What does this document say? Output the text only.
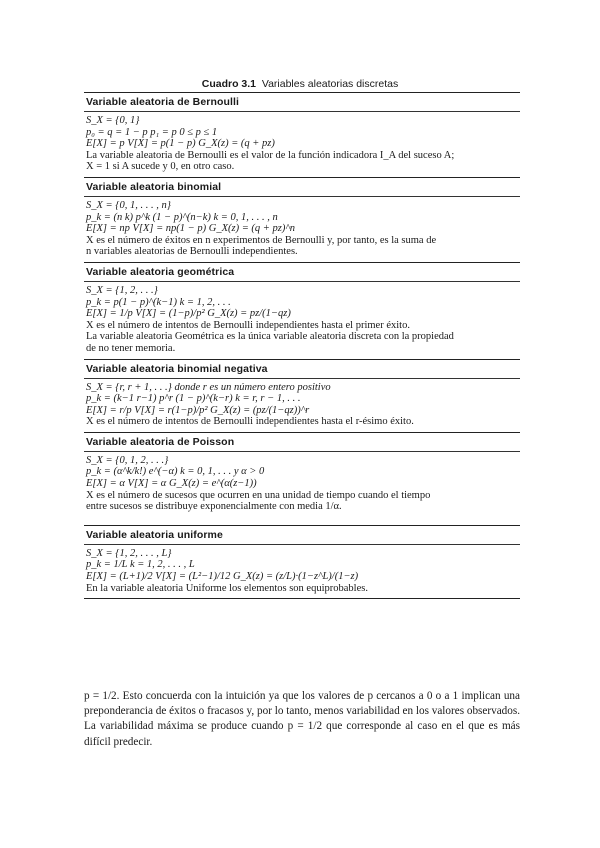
Cuadro 3.1 Variables aleatorias discretas
Variable aleatoria de Bernoulli
S_X = {0, 1}
p₀ = q = 1 − p p₁ = p 0 ≤ p ≤ 1
E[X] = p V[X] = p(1 − p) G_X(z) = (q + pz)
La variable aleatoria de Bernoulli es el valor de la función indicadora I_A del suceso A;
X = 1 si A sucede y 0, en otro caso.
Variable aleatoria binomial
S_X = {0, 1, . . . , n}
p_k = (n k) p^k (1 − p)^(n−k) k = 0, 1, . . . , n
E[X] = np V[X] = np(1 − p) G_X(z) = (q + pz)^n
X es el número de éxitos en n experimentos de Bernoulli y, por tanto, es la suma de
n variables aleatorias de Bernoulli independientes.
Variable aleatoria geométrica
S_X = {1, 2, . . .}
p_k = p(1 − p)^(k−1) k = 1, 2, . . .
E[X] = 1/p V[X] = (1−p)/p² G_X(z) = pz/(1−qz)
X es el número de intentos de Bernoulli independientes hasta el primer éxito.
La variable aleatoria Geométrica es la única variable aleatoria discreta con la propiedad
de no tener memoria.
Variable aleatoria binomial negativa
S_X = {r, r + 1, . . .} donde r es un número entero positivo
p_k = (k−1 r−1) p^r (1 − p)^(k−r) k = r, r − 1, . . .
E[X] = r/p V[X] = r(1−p)/p² G_X(z) = (pz/(1−qz))^r
X es el número de intentos de Bernoulli independientes hasta el r-ésimo éxito.
Variable aleatoria de Poisson
S_X = {0, 1, 2, . . .}
p_k = (α^k/k!) e^(−α) k = 0, 1, . . . y α > 0
E[X] = α V[X] = α G_X(z) = e^(α(z−1))
X es el número de sucesos que ocurren en una unidad de tiempo cuando el tiempo
entre sucesos se distribuye exponencialmente con media 1/α.
Variable aleatoria uniforme
S_X = {1, 2, . . . , L}
p_k = 1/L k = 1, 2, . . . , L
E[X] = (L+1)/2 V[X] = (L²−1)/12 G_X(z) = (z/L)·(1−z^L)/(1−z)
En la variable aleatoria Uniforme los elementos son equiprobables.
p = 1/2. Esto concuerda con la intuición ya que los valores de p cercanos a 0 o a 1 implican una preponderancia de éxitos o fracasos y, por lo tanto, menos variabilidad en los valores observados. La variabilidad máxima se produce cuando p = 1/2 que corresponde al caso en el que es más difícil predecir.
